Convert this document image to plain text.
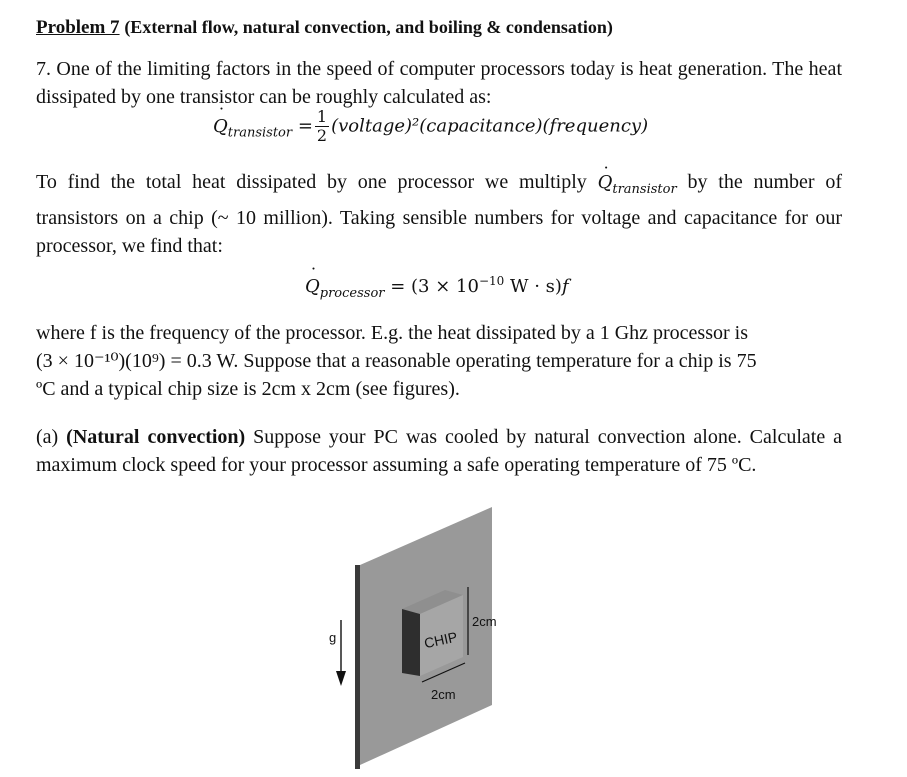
Problem 7 (External flow, natural convection, and boiling & condensation)
7. One of the limiting factors in the speed of computer processors today is heat generation. The heat dissipated by one transistor can be roughly calculated as:
˙ $Q_{transistor} = \frac{1}{2}$ (voltage)²(capacitance)(frequency)
To find the total heat dissipated by one processor we multiply ˙ $Q_{transistor}$ by the number of transistors on a chip (~ 10 million). Taking sensible numbers for voltage and capacitance for our processor, we find that:
˙ $Q_{processor} = (3 \times 10^{-10}$ W · s)f
where f is the frequency of the processor. E.g. the heat dissipated by a 1 Ghz processor is
(3 × 10⁻¹⁰)(10⁹) = 0.3 W. Suppose that a reasonable operating temperature for a chip is 75
ºC and a typical chip size is 2cm x 2cm (see figures).
(a) (Natural convection) Suppose your PC was cooled by natural convection alone. Calculate a maximum clock speed for your processor assuming a safe operating temperature of 75 ºC.
CHIP
2cm
2cm
g
